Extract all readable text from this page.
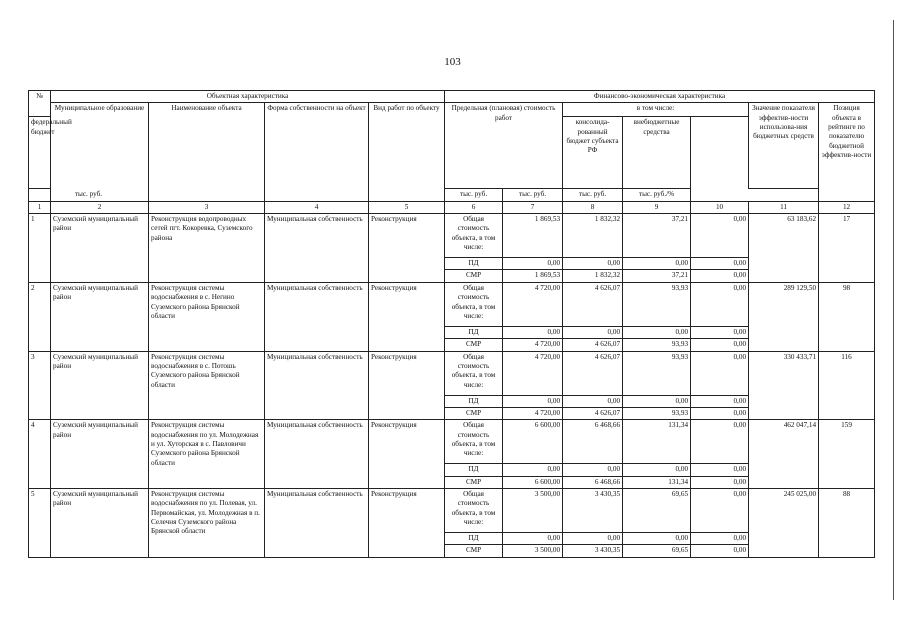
103
№	Объектная характеристика				Финансово-экономическая характеристика						
	Муниципальное образование	Наименование объекта	Форма собственности на объект	Вид работ по объекту	Предельная (плановая) стоимость работ		в том числе:			Значение показателя эффектив-ности использова-ния бюджетных средств	Позиция объекта в рейтинге по показателю бюджетной эффектив-ности
федеральный бюджет							консолида-рованный бюджет субъекта РФ	внебюджетные средства			
тыс. руб.					тыс. руб.	тыс. руб.	тыс. руб.	тыс. руб./%			
1	2	3	4	5	6	7	8	9	10	11	12
1	Суземский муниципальный район	Реконструкция водопроводных сетей пгт. Кокоревка, Суземского района	Муниципальная собственность	Реконструкция	Общая стоимость объекта, в том числе:	1 869,53	1 832,32	37,21	0,00	63 183,62	17
					ПД	0,00	0,00	0,00	0,00		
					СМР	1 869,53	1 832,32	37,21	0,00		
2	Суземский муниципальный район	Реконструкция системы водоснабжения в с. Негино Суземского района Брянской области	Муниципальная собственность	Реконструкция	Общая стоимость объекта, в том числе:	4 720,00	4 626,07	93,93	0,00	289 129,50	98
					ПД	0,00	0,00	0,00	0,00		
					СМР	4 720,00	4 626,07	93,93	0,00		
3	Суземский муниципальный район	Реконструкция системы водоснабжения в с. Потошь Суземского района Брянской области	Муниципальная собственность	Реконструкция	Общая стоимость объекта, в том числе:	4 720,00	4 626,07	93,93	0,00	330 433,71	116
					ПД	0,00	0,00	0,00	0,00		
					СМР	4 720,00	4 626,07	93,93	0,00		
4	Суземский муниципальный район	Реконструкция системы водоснабжения по ул. Молодежная и ул. Хуторская в с. Павловичи Суземского района Брянской области	Муниципальная собственность	Реконструкция	Общая стоимость объекта, в том числе:	6 600,00	6 468,66	131,34	0,00	462 047,14	159
					ПД	0,00	0,00	0,00	0,00		
					СМР	6 600,00	6 468,66	131,34	0,00		
5	Суземский муниципальный район	Реконструкция системы водоснабжения по ул. Полевая, ул. Первомайская, ул. Молодежная в п. Селечня Суземского района Брянской области	Муниципальная собственность	Реконструкция	Общая стоимость объекта, в том числе:	3 500,00	3 430,35	69,65	0,00	245 025,00	88
					ПД	0,00	0,00	0,00	0,00		
					СМР	3 500,00	3 430,35	69,65	0,00		
